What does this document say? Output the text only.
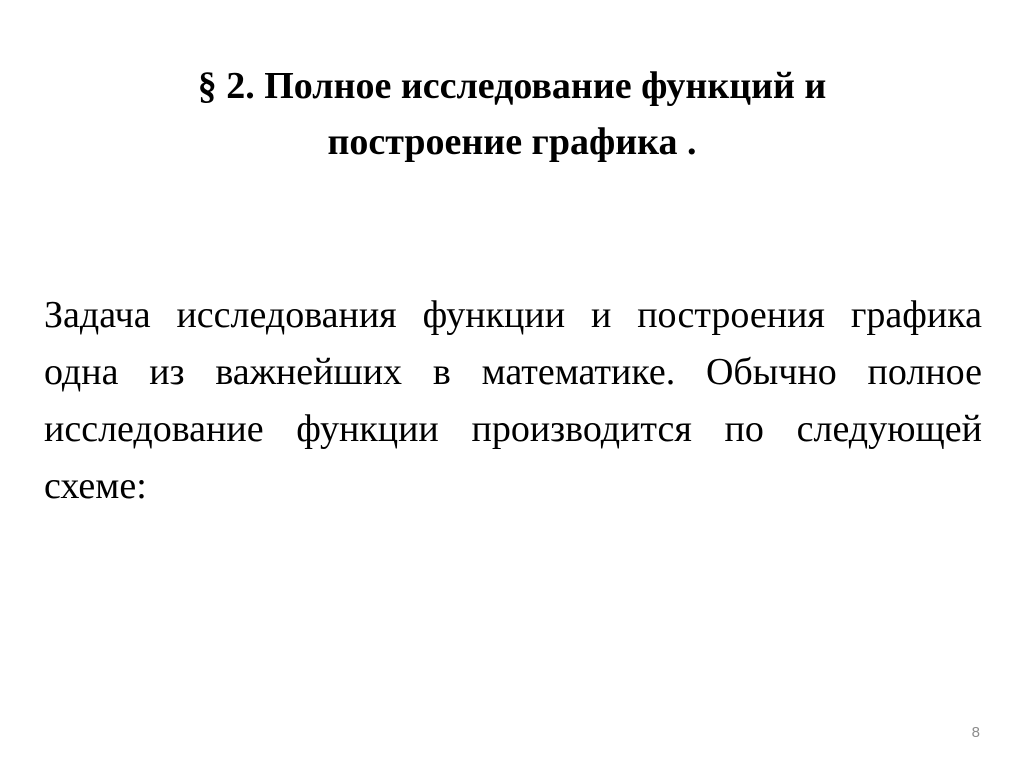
§ 2. Полное исследование функций и
построение графика .

Задача исследования функции и построения графика одна из важнейших в математике. Обычно полное исследование функции производится по следующей схеме:

8
